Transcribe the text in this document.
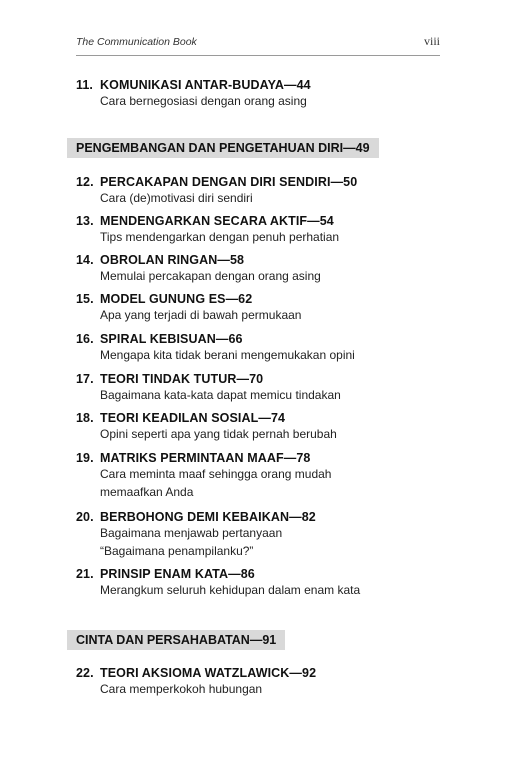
The Communication Book	viii
11. KOMUNIKASI ANTAR-BUDAYA—44
Cara bernegosiasi dengan orang asing
PENGEMBANGAN DAN PENGETAHUAN DIRI—49
12. PERCAKAPAN DENGAN DIRI SENDIRI—50
Cara (de)motivasi diri sendiri
13. MENDENGARKAN SECARA AKTIF—54
Tips mendengarkan dengan penuh perhatian
14. OBROLAN RINGAN—58
Memulai percakapan dengan orang asing
15. MODEL GUNUNG ES—62
Apa yang terjadi di bawah permukaan
16. SPIRAL KEBISUAN—66
Mengapa kita tidak berani mengemukakan opini
17. TEORI TINDAK TUTUR—70
Bagaimana kata-kata dapat memicu tindakan
18. TEORI KEADILAN SOSIAL—74
Opini seperti apa yang tidak pernah berubah
19. MATRIKS PERMINTAAN MAAF—78
Cara meminta maaf sehingga orang mudah
memaafkan Anda
20. BERBOHONG DEMI KEBAIKAN—82
Bagaimana menjawab pertanyaan
“Bagaimana penampilanku?”
21. PRINSIP ENAM KATA—86
Merangkum seluruh kehidupan dalam enam kata
CINTA DAN PERSAHABATAN—91
22. TEORI AKSIOMA WATZLAWICK—92
Cara memperkokoh hubungan
